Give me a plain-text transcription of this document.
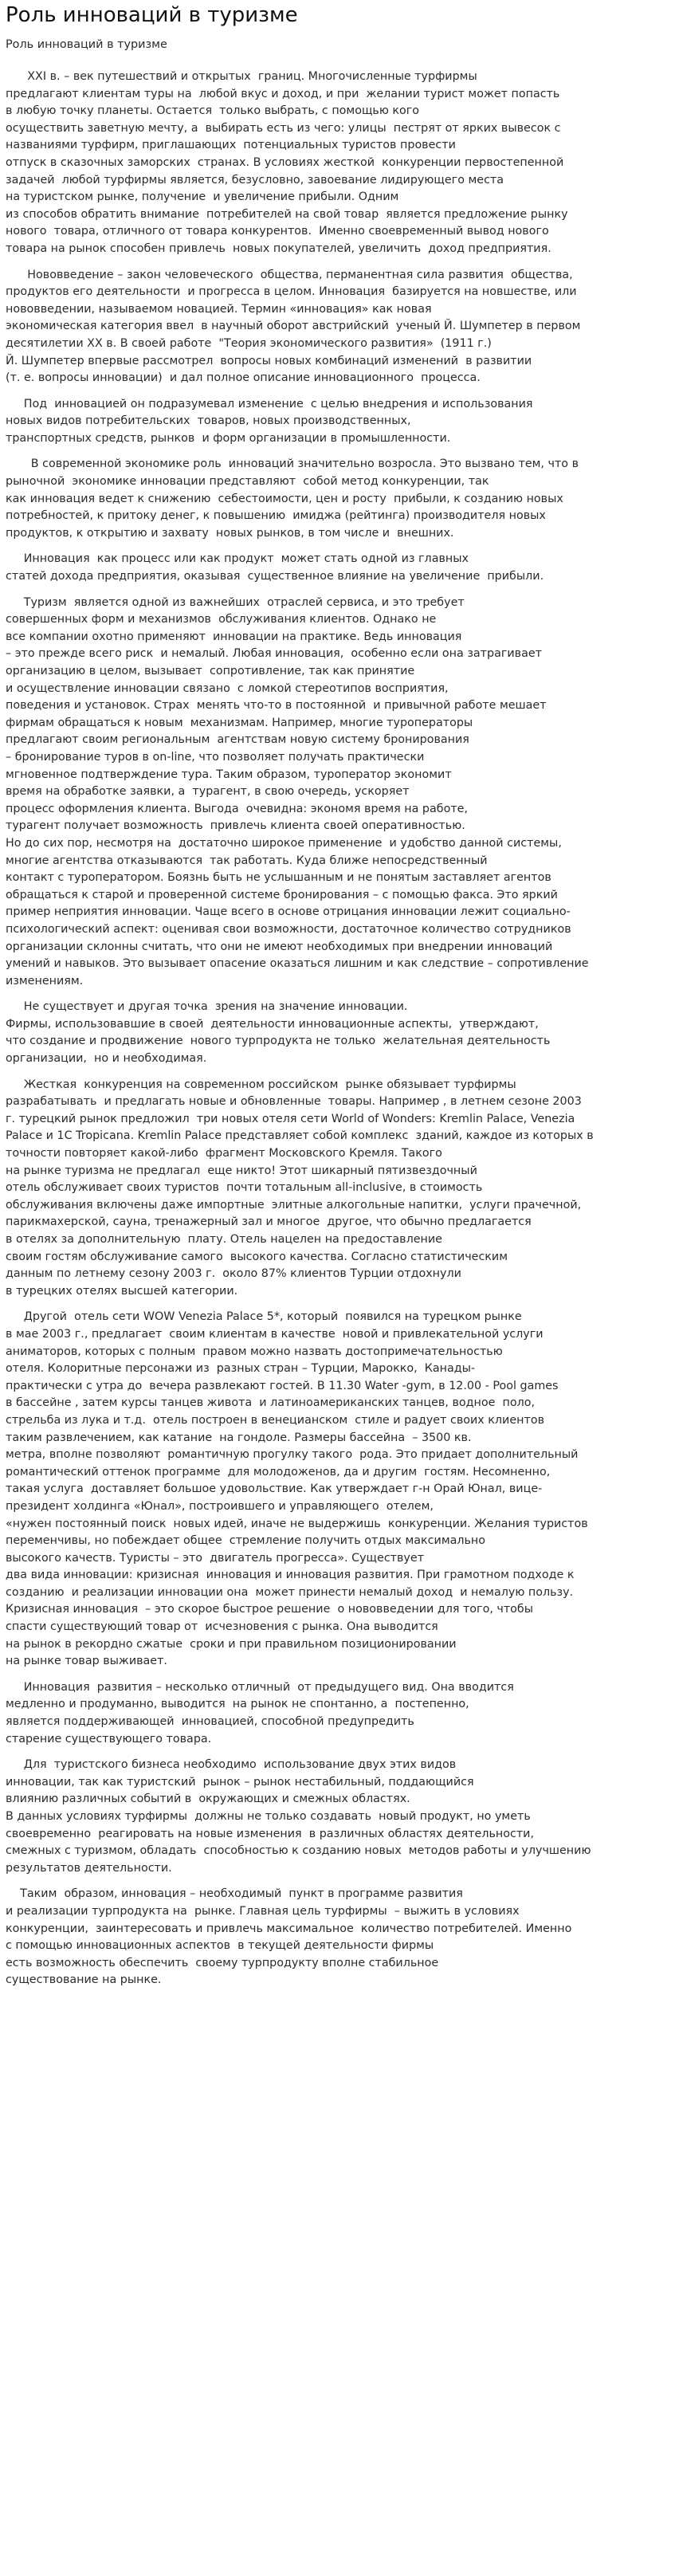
Роль инноваций в туризме
Роль инноваций в туризме

XXI в. – век путешествий и открытых  границ. Многочисленные турфирмы
предлагают клиентам туры на  любой вкус и доход, и при  желании турист может попасть
в любую точку планеты. Остается  только выбрать, с помощью кого
осуществить заветную мечту, а  выбирать есть из чего: улицы  пестрят от ярких вывесок с
названиями турфирм, приглашающих  потенциальных туристов провести
отпуск в сказочных заморских  странах. В условиях жесткой  конкуренции первостепенной
задачей  любой турфирмы является, безусловно, завоевание лидирующего места
на туристском рынке, получение  и увеличение прибыли. Одним
из способов обратить внимание  потребителей на свой товар  является предложение рынку
нового  товара, отличного от товара конкурентов.  Именно своевременный вывод нового
товара на рынок способен привлечь  новых покупателей, увеличить  доход предприятия.

Нововведение – закон человеческого  общества, перманентная сила развития  общества,
продуктов его деятельности  и прогресса в целом. Инновация  базируется на новшестве, или
нововведении, называемом новацией. Термин «инновация» как новая
экономическая категория ввел  в научный оборот австрийский  ученый Й. Шумпетер в первом
десятилетии XX в. В своей работе  "Теория экономического развития»  (1911 г.)
Й. Шумпетер впервые рассмотрел  вопросы новых комбинаций изменений  в развитии
(т. е. вопросы инновации)  и дал полное описание инновационного  процесса.

Под  инновацией он подразумевал изменение  с целью внедрения и использования
новых видов потребительских  товаров, новых производственных,
транспортных средств, рынков  и форм организации в промышленности.

В современной экономике роль  инноваций значительно возросла. Это вызвано тем, что в
рыночной  экономике инновации представляют  собой метод конкуренции, так
как инновация ведет к снижению  себестоимости, цен и росту  прибыли, к созданию новых
потребностей, к притоку денег, к повышению  имиджа (рейтинга) производителя новых
продуктов, к открытию и захвату  новых рынков, в том числе и  внешних.

Инновация  как процесс или как продукт  может стать одной из главных
статей дохода предприятия, оказывая  существенное влияние на увеличение  прибыли.

Туризм  является одной из важнейших  отраслей сервиса, и это требует
совершенных форм и механизмов  обслуживания клиентов. Однако не
все компании охотно применяют  инновации на практике. Ведь инновация
– это прежде всего риск  и немалый. Любая инновация,  особенно если она затрагивает
организацию в целом, вызывает  сопротивление, так как принятие
и осуществление инновации связано  с ломкой стереотипов восприятия,
поведения и установок. Страх  менять что-то в постоянной  и привычной работе мешает
фирмам обращаться к новым  механизмам. Например, многие туроператоры
предлагают своим региональным  агентствам новую систему бронирования
– бронирование туров в on-line, что позволяет получать практически
мгновенное подтверждение тура. Таким образом, туроператор экономит
время на обработке заявки, а  турагент, в свою очередь, ускоряет
процесс оформления клиента. Выгода  очевидна: экономя время на работе,
турагент получает возможность  привлечь клиента своей оперативностью.
Но до сих пор, несмотря на  достаточно широкое применение  и удобство данной системы,
многие агентства отказываются  так работать. Куда ближе непосредственный
контакт с туроператором. Боязнь быть не услышанным и не понятым заставляет агентов
обращаться к старой и проверенной системе бронирования – с помощью факса. Это яркий
пример неприятия инновации. Чаще всего в основе отрицания инновации лежит социально-
психологический аспект: оценивая свои возможности, достаточное количество сотрудников
организации склонны считать, что они не имеют необходимых при внедрении инноваций
умений и навыков. Это вызывает опасение оказаться лишним и как следствие – сопротивление
изменениям.

Не существует и другая точка  зрения на значение инновации.
Фирмы, использовавшие в своей  деятельности инновационные аспекты,  утверждают,
что создание и продвижение  нового турпродукта не только  желательная деятельность
организации,  но и необходимая.

Жесткая  конкуренция на современном российском  рынке обязывает турфирмы
разрабатывать  и предлагать новые и обновленные  товары. Например , в летнем сезоне 2003
г. турецкий рынок предложил  три новых отеля сети World of Wonders: Kremlin Palace, Venezia
Palace и 1C Tropicana. Kremlin Palace представляет собой комплекс  зданий, каждое из которых в
точности повторяет какой-либо  фрагмент Московского Кремля. Такого
на рынке туризма не предлагал  еще никто! Этот шикарный пятизвездочный
отель обслуживает своих туристов  почти тотальным all-inclusive, в стоимость
обслуживания включены даже импортные  элитные алкогольные напитки,  услуги прачечной,
парикмахерской, сауна, тренажерный зал и многое  другое, что обычно предлагается
в отелях за дополнительную  плату. Отель нацелен на предоставление
своим гостям обслуживание самого  высокого качества. Согласно статистическим
данным по летнему сезону 2003 г.  около 87% клиентов Турции отдохнули
в турецких отелях высшей категории.

Другой  отель сети WOW Venezia Palace 5*, который  появился на турецком рынке
в мае 2003 г., предлагает  своим клиентам в качестве  новой и привлекательной услуги
аниматоров, которых с полным  правом можно назвать достопримечательностью
отеля. Колоритные персонажи из  разных стран – Турции, Марокко,  Канады-
практически с утра до  вечера развлекают гостей. В 11.30 Water -gym, в 12.00 - Pool games
в бассейне , затем курсы танцев живота  и латиноамериканских танцев, водное  поло,
стрельба из лука и т.д.  отель построен в венецианском  стиле и радует своих клиентов
таким развлечением, как катание  на гондоле. Размеры бассейна  – 3500 кв.
метра, вполне позволяют  романтичную прогулку такого  рода. Это придает дополнительный
романтический оттенок программе  для молодоженов, да и другим  гостям. Несомненно,
такая услуга  доставляет большое удовольствие. Как утверждает г-н Орай Юнал, вице-
президент холдинга «Юнал», построившего и управляющего  отелем,
«нужен постоянный поиск  новых идей, иначе не выдержишь  конкуренции. Желания туристов
переменчивы, но побеждает общее  стремление получить отдых максимально
высокого качеств. Туристы – это  двигатель прогресса». Существует
два вида инновации: кризисная  инновация и инновация развития. При грамотном подходе к
созданию  и реализации инновации она  может принести немалый доход  и немалую пользу.
Кризисная инновация  – это скорое быстрое решение  о нововведении для того, чтобы
спасти существующий товар от  исчезновения с рынка. Она выводится
на рынок в рекордно сжатые  сроки и при правильном позиционировании
на рынке товар выживает.

Инновация  развития – несколько отличный  от предыдущего вид. Она вводится
медленно и продуманно, выводится  на рынок не спонтанно, а  постепенно,
является поддерживающей  инновацией, способной предупредить
старение существующего товара.

Для  туристского бизнеса необходимо  использование двух этих видов
инновации, так как туристский  рынок – рынок нестабильный, поддающийся
влиянию различных событий в  окружающих и смежных областях.
В данных условиях турфирмы  должны не только создавать  новый продукт, но уметь
своевременно  реагировать на новые изменения  в различных областях деятельности,
смежных с туризмом, обладать  способностью к созданию новых  методов работы и улучшению
результатов деятельности.

Таким  образом, инновация – необходимый  пункт в программе развития
и реализации турпродукта на  рынке. Главная цель турфирмы  – выжить в условиях
конкуренции,  заинтересовать и привлечь максимальное  количество потребителей. Именно
с помощью инновационных аспектов  в текущей деятельности фирмы
есть возможность обеспечить  своему турпродукту вполне стабильное
существование на рынке.
